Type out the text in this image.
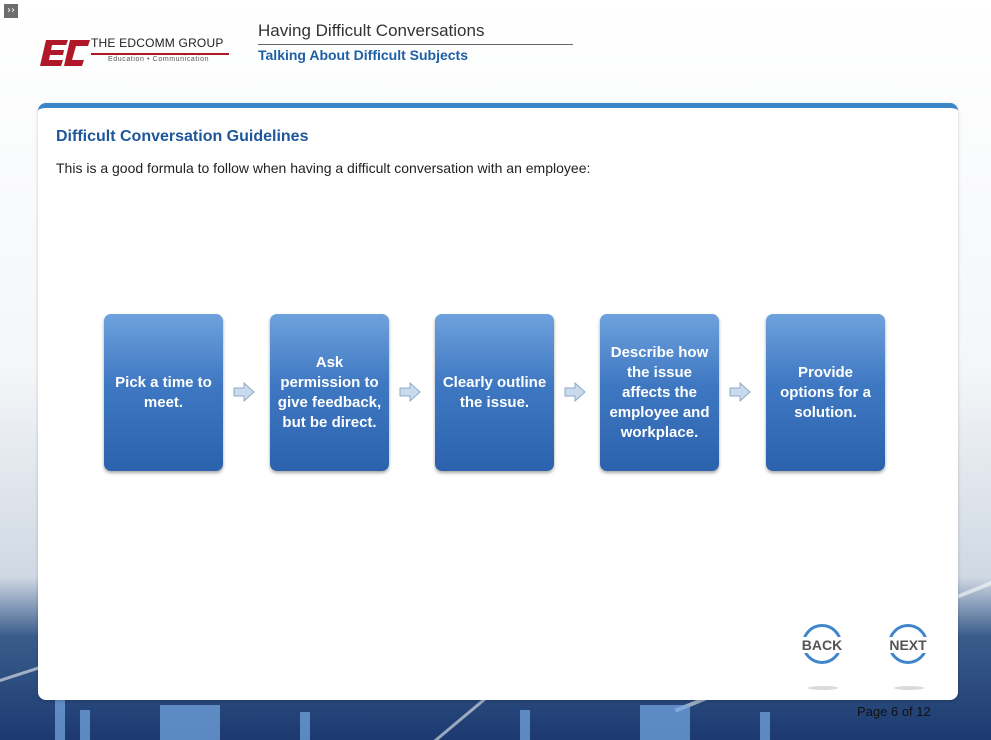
››
THE EDCOMM GROUP
Education • Communication
Having Difficult Conversations
Talking About Difficult Subjects
Difficult Conversation Guidelines
This is a good formula to follow when having a difficult conversation with an employee:
Pick a time to meet.
Ask permission to give feedback, but be direct.
Clearly outline the issue.
Describe how the issue affects the employee and workplace.
Provide options for a solution.
BACK	NEXT
Page 6 of 12
